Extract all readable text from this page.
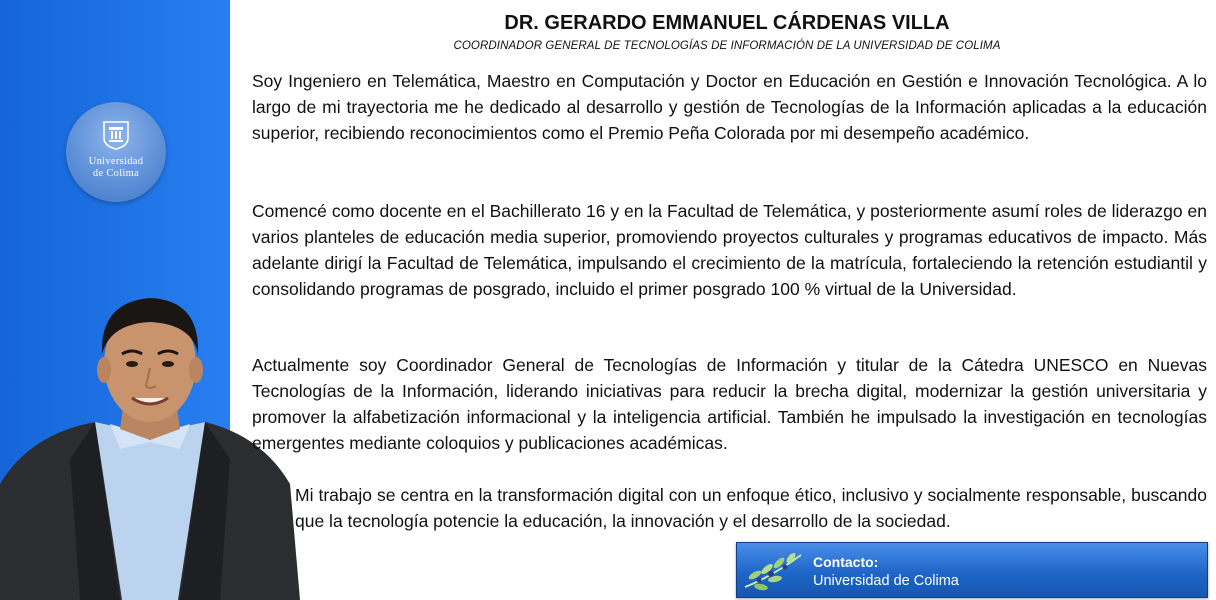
Universidad
de Colima
DR. GERARDO EMMANUEL CÁRDENAS VILLA
COORDINADOR GENERAL DE TECNOLOGÍAS DE INFORMACIÓN DE LA UNIVERSIDAD DE COLIMA

Soy Ingeniero en Telemática, Maestro en Computación y Doctor en Educación en Gestión e Innovación Tecnológica. A lo largo de mi trayectoria me he dedicado al desarrollo y gestión de Tecnologías de la Información aplicadas a la educación superior, recibiendo reconocimientos como el Premio Peña Colorada por mi desempeño académico.

Comencé como docente en el Bachillerato 16 y en la Facultad de Telemática, y posteriormente asumí roles de liderazgo en varios planteles de educación media superior, promoviendo proyectos culturales y programas educativos de impacto. Más adelante dirigí la Facultad de Telemática, impulsando el crecimiento de la matrícula, fortaleciendo la retención estudiantil y consolidando programas de posgrado, incluido el primer posgrado 100 % virtual de la Universidad.

Actualmente soy Coordinador General de Tecnologías de Información y titular de la Cátedra UNESCO en Nuevas Tecnologías de la Información, liderando iniciativas para reducir la brecha digital, modernizar la gestión universitaria y promover la alfabetización informacional y la inteligencia artificial. También he impulsado la investigación en tecnologías emergentes mediante coloquios y publicaciones académicas.

Mi trabajo se centra en la transformación digital con un enfoque ético, inclusivo y socialmente responsable, buscando que la tecnología potencie la educación, la innovación y el desarrollo de la sociedad.

Contacto:
Universidad de Colima
